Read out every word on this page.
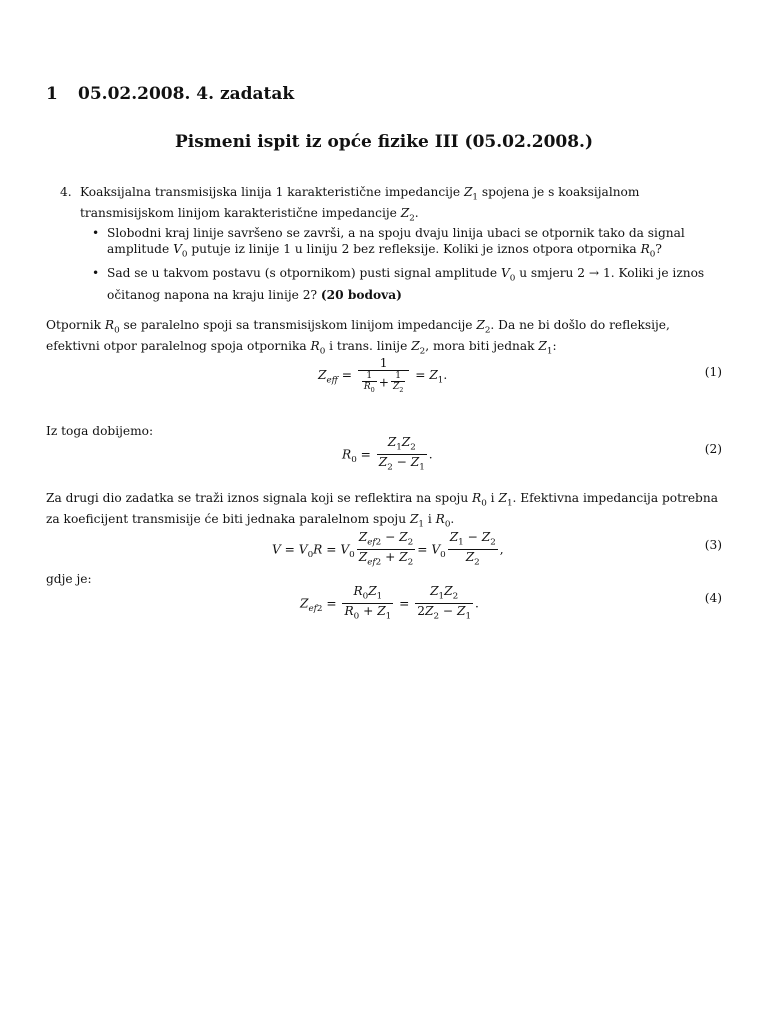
1 05.02.2008. 4. zadatak
Pismeni ispit iz opće fizike III (05.02.2008.)
4. Koaksijalna transmisijska linija 1 karakteristične impedancije $Z_1$ spojena je s koaksijalnom transmisijskom linijom karakteristične impedancije $Z_2$.
• Slobodni kraj linije savršeno se završi, a na spoju dvaju linija ubaci se otpornik tako da signal amplitude $V_0$ putuje iz linije 1 u liniju 2 bez refleksije. Koliki je iznos otpora otpornika $R_0$?
• Sad se u takvom postavu (s otpornikom) pusti signal amplitude $V_0$ u smjeru 2 → 1. Koliki je iznos očitanog napona na kraju linije 2? (20 bodova)
Otpornik $R_0$ se paralelno spoji sa transmisijskom linijom impedancije $Z_2$. Da ne bi došlo do refleksije, efektivni otpor paralelnog spoja otpornika $R_0$ i trans. linije $Z_2$, mora biti jednak $Z_1$:
$Z_{eff} = \frac{1}{\frac{1}{R_0} + \frac{1}{Z_2}} = Z_1$.	(1)
Iz toga dobijemo:
$R_0 = \frac{Z_1Z_2}{Z_2 - Z_1}$ .	(2)
Za drugi dio zadatka se traži iznos signala koji se reflektira na spoju $R_0$ i $Z_1$. Efektivna impedancija potrebna za koeficijent transmisije će biti jednaka paralelnom spoju $Z_1$ i $R_0$.
$V = V_0R = V_0 \frac{Z_{ef2} - Z_2}{Z_{ef2} + Z_2} = V_0 \frac{Z_1 - Z_2}{Z_2}$ ,	(3)
gdje je:
$Z_{ef2} = \frac{R_0Z_1}{R_0 + Z_1} = \frac{Z_1Z_2}{2Z_2 - Z_1}$ .	(4)
